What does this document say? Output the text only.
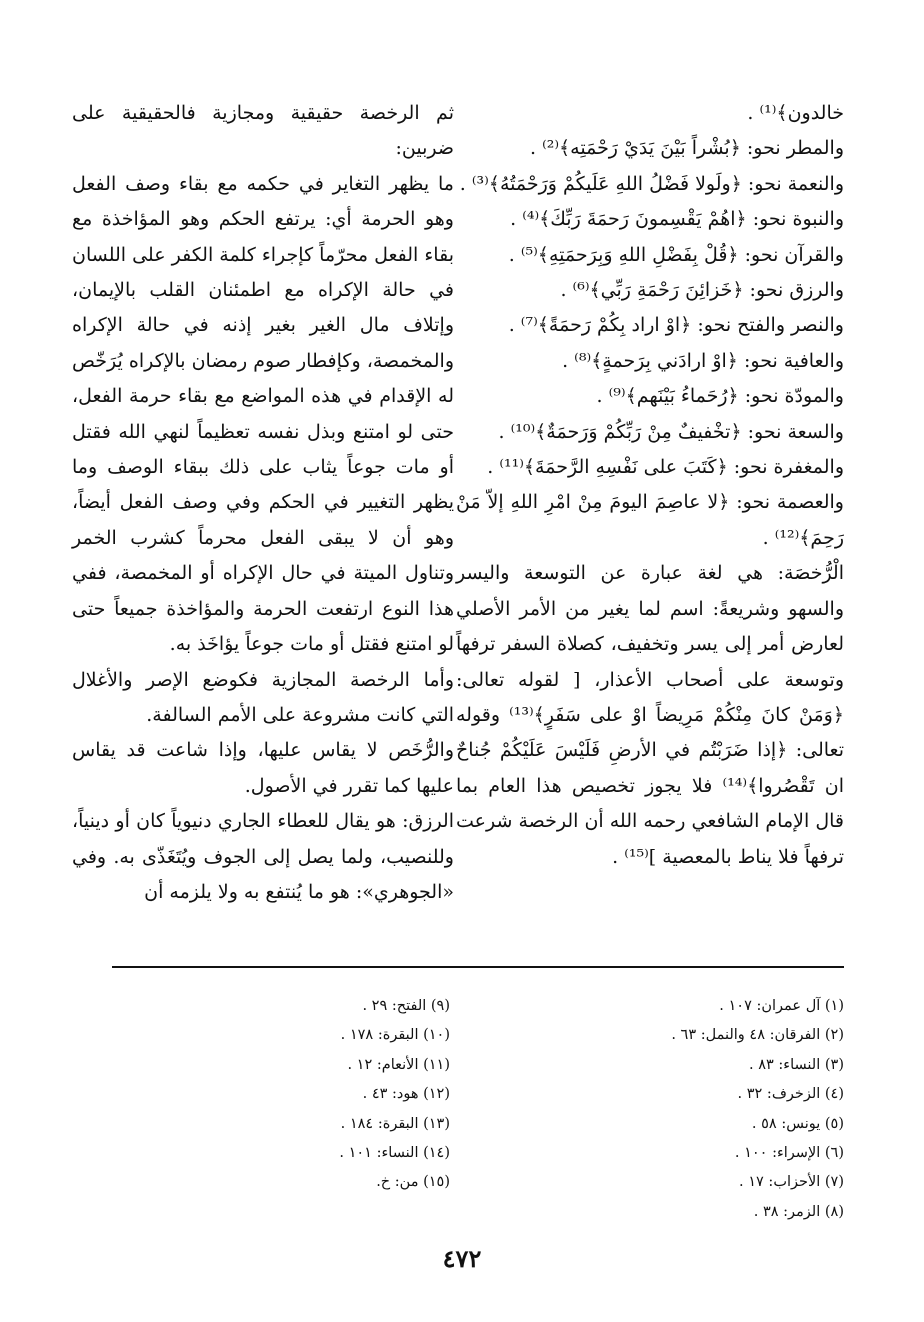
خالدون﴾⁽¹⁾ .

والمطر نحو: ﴿بُشْراً بَيْنَ يَدَيْ رَحْمَتِه﴾⁽²⁾ .

والنعمة نحو: ﴿ولَولا فَضْلُ اللهِ عَلَيكُمْ وَرَحْمَتُهُ﴾⁽³⁾ .

والنبوة نحو: ﴿اهُمْ يَقْسِمونَ رَحمَةَ رَبِّكَ﴾⁽⁴⁾ .

والقرآن نحو: ﴿قُلْ بِفَضْلِ اللهِ وَبِرَحمَتِهِ﴾⁽⁵⁾ .

والرزق نحو: ﴿خَزائِنَ رَحْمَةِ رَبِّي﴾⁽⁶⁾ .

والنصر والفتح نحو: ﴿اوْ اراد بِكُمْ رَحمَةً﴾⁽⁷⁾ .

والعافية نحو: ﴿اوْ ارادَني بِرَحمةٍ﴾⁽⁸⁾ .

والمودّة نحو: ﴿رُحَماءُ بَيْنَهم﴾⁽⁹⁾ .

والسعة نحو: ﴿تخْفيفٌ مِنْ رَبِّكُمْ وَرَحمَةٌ﴾⁽¹⁰⁾ .

والمغفرة نحو: ﴿كَتَبَ على نَفْسِهِ الرَّحمَةَ﴾⁽¹¹⁾ .

والعصمة نحو: ﴿لا عاصِمَ اليومَ مِنْ امْرِ اللهِ إلاّ مَنْ رَحِمَ﴾⁽¹²⁾ .

الْرُّخصَة: هي لغة عبارة عن التوسعة واليسر والسهو وشريعةً: اسم لما يغير من الأمر الأصلي لعارض أمر إلى يسر وتخفيف، كصلاة السفر ترفهاً وتوسعة على أصحاب الأعذار، [ لقوله تعالى: ﴿وَمَنْ كانَ مِنْكُمْ مَرِيضاً اوْ على سَفَرٍ﴾⁽¹³⁾ وقوله تعالى: ﴿إذا ضَرَبْتُم في الأرضِ فَلَيْسَ عَلَيْكُمْ جُناحٌ ان تَقْصُروا﴾⁽¹⁴⁾ فلا يجوز تخصيص هذا العام بما قال الإمام الشافعي رحمه الله أن الرخصة شرعت ترفهاً فلا يناط بالمعصية ]⁽¹⁵⁾ .

ثم الرخصة حقيقية ومجازية فالحقيقية على ضربين:

ما يظهر التغاير في حكمه مع بقاء وصف الفعل وهو الحرمة أي: يرتفع الحكم وهو المؤاخذة مع بقاء الفعل محرّماً كإجراء كلمة الكفر على اللسان في حالة الإكراه مع اطمئنان القلب بالإيمان، وإتلاف مال الغير بغير إذنه في حالة الإكراه والمخمصة، وكإفطار صوم رمضان بالإكراه يُرَخّص له الإقدام في هذه المواضع مع بقاء حرمة الفعل، حتى لو امتنع وبذل نفسه تعظيماً لنهي الله فقتل أو مات جوعاً يثاب على ذلك ببقاء الوصف وما يظهر التغيير في الحكم وفي وصف الفعل أيضاً، وهو أن لا يبقى الفعل محرماً كشرب الخمر وتناول الميتة في حال الإكراه أو المخمصة، ففي هذا النوع ارتفعت الحرمة والمؤاخذة جميعاً حتى لو امتنع فقتل أو مات جوعاً يؤاخَذ به.

وأما الرخصة المجازية فكوضع الإصر والأغلال التي كانت مشروعة على الأمم السالفة.

والرُّخَص لا يقاس عليها، وإذا شاعت قد يقاس عليها كما تقرر في الأصول.

الرزق: هو يقال للعطاء الجاري دنيوياً كان أو دينياً، وللنصيب، ولما يصل إلى الجوف ويُتَغَذّى به. وفي «الجوهري»: هو ما يُنتفع به ولا يلزمه أن

(١) آل عمران: ١٠٧ .
(٢) الفرقان: ٤٨ والنمل: ٦٣ .
(٣) النساء: ٨٣ .
(٤) الزخرف: ٣٢ .
(٥) يونس: ٥٨ .
(٦) الإسراء: ١٠٠ .
(٧) الأحزاب: ١٧ .
(٨) الزمر: ٣٨ .
(٩) الفتح: ٢٩ .
(١٠) البقرة: ١٧٨ .
(١١) الأنعام: ١٢ .
(١٢) هود: ٤٣ .
(١٣) البقرة: ١٨٤ .
(١٤) النساء: ١٠١ .
(١٥) من: خ.
٤٧٢
